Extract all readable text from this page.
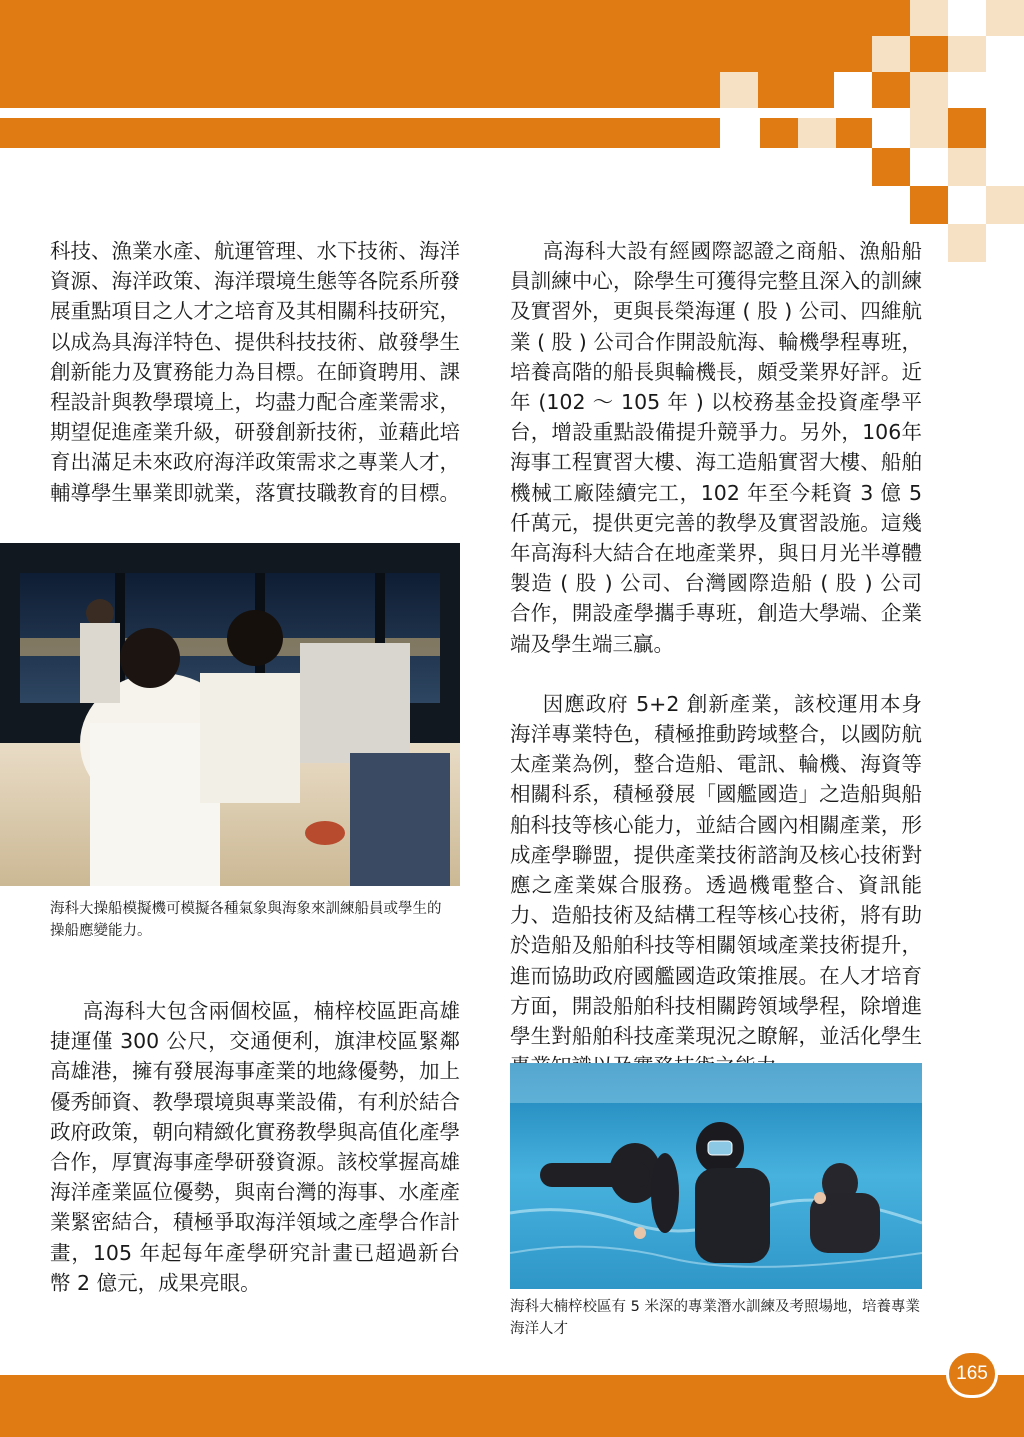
科技、漁業水產、航運管理、水下技術、海洋資源、海洋政策、海洋環境生態等各院系所發展重點項目之人才之培育及其相關科技研究，以成為具海洋特色、提供科技技術、啟發學生創新能力及實務能力為目標。在師資聘用、課程設計與教學環境上，均盡力配合產業需求，期望促進產業升級，研發創新技術，並藉此培育出滿足未來政府海洋政策需求之專業人才，輔導學生畢業即就業，落實技職教育的目標。

海科大操船模擬機可模擬各種氣象與海象來訓練船員或學生的操船應變能力。

高海科大包含兩個校區，楠梓校區距高雄捷運僅 300 公尺，交通便利，旗津校區緊鄰高雄港，擁有發展海事產業的地緣優勢，加上優秀師資、教學環境與專業設備，有利於結合政府政策，朝向精緻化實務教學與高值化產學合作，厚實海事產學研發資源。該校掌握高雄海洋產業區位優勢，與南台灣的海事、水產產業緊密結合，積極爭取海洋領域之產學合作計畫，105 年起每年產學研究計畫已超過新台幣 2 億元，成果亮眼。

高海科大設有經國際認證之商船、漁船船員訓練中心，除學生可獲得完整且深入的訓練及實習外，更與長榮海運 ( 股 ) 公司、四維航業 ( 股 ) 公司合作開設航海、輪機學程專班，培養高階的船長與輪機長，頗受業界好評。近年 (102 ～ 105 年 ) 以校務基金投資產學平台，增設重點設備提升競爭力。另外，106年海事工程實習大樓、海工造船實習大樓、船舶機械工廠陸續完工，102 年至今耗資 3 億 5 仟萬元，提供更完善的教學及實習設施。這幾年高海科大結合在地產業界，與日月光半導體製造 ( 股 ) 公司、台灣國際造船 ( 股 ) 公司合作，開設產學攜手專班，創造大學端、企業端及學生端三贏。

因應政府 5+2 創新產業，該校運用本身海洋專業特色，積極推動跨域整合，以國防航太產業為例，整合造船、電訊、輪機、海資等相關科系，積極發展「國艦國造」之造船與船舶科技等核心能力，並結合國內相關產業，形成產學聯盟，提供產業技術諮詢及核心技術對應之產業媒合服務。透過機電整合、資訊能力、造船技術及結構工程等核心技術，將有助於造船及船舶科技等相關領域產業技術提升，進而協助政府國艦國造政策推展。在人才培育方面，開設船舶科技相關跨領域學程，除增進學生對船舶科技產業現況之瞭解，並活化學生

海科大楠梓校區有 5 米深的專業潛水訓練及考照場地，培養專業海洋人才
165
